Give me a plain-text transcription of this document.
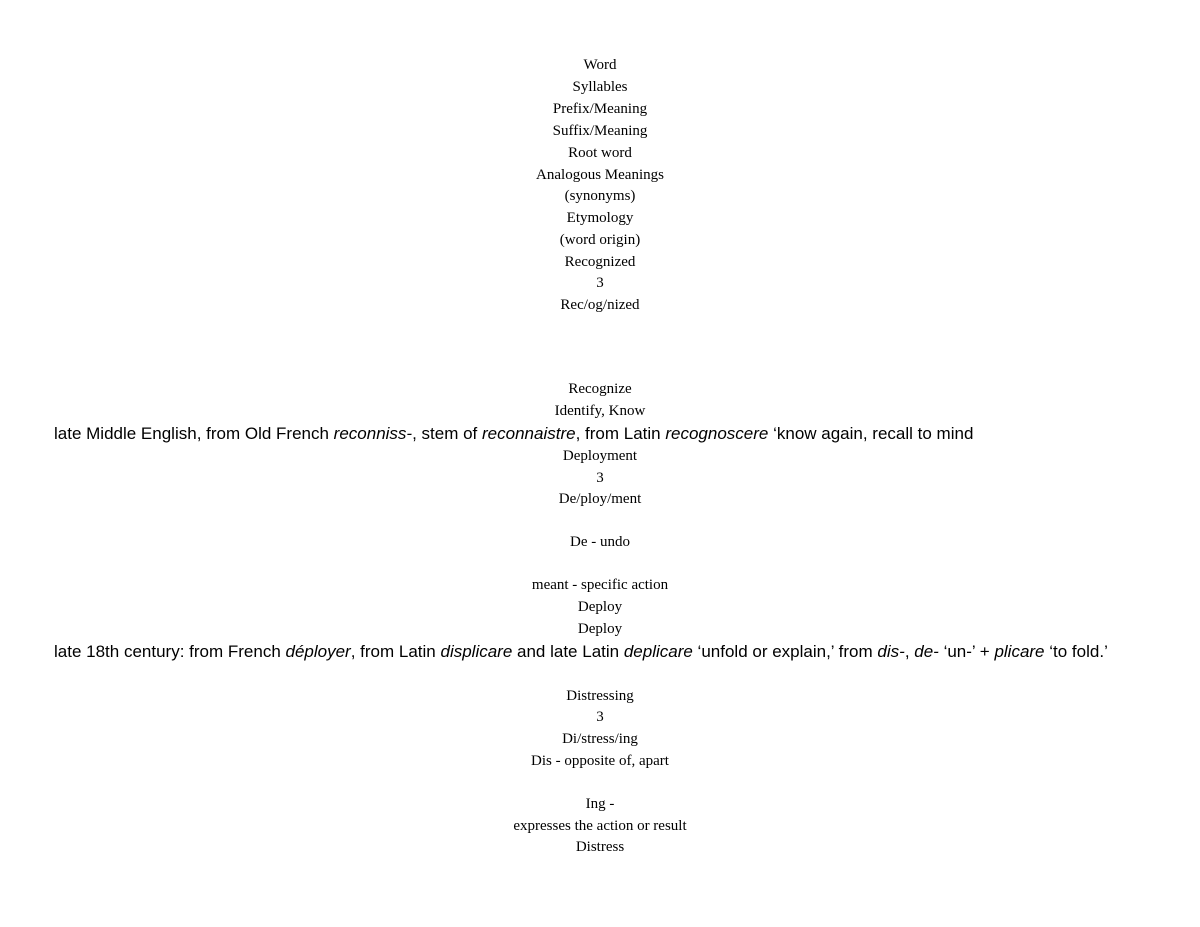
Word
Syllables
Prefix/Meaning
Suffix/Meaning
Root word
Analogous Meanings
(synonyms)
Etymology
(word origin)
Recognized
3
Rec/og/nized
Recognize
Identify, Know
late Middle English, from Old French reconniss-, stem of reconnaistre, from Latin recognoscere ‘know again, recall to mind
Deployment
3
De/ploy/ment
De - undo
meant - specific action
Deploy
Deploy
late 18th century: from French déployer, from Latin displicare and late Latin deplicare ‘unfold or explain,’ from dis-, de- ‘un-’ + plicare ‘to fold.’
Distressing
3
Di/stress/ing
Dis - opposite of, apart
Ing -
expresses the action or result
Distress
